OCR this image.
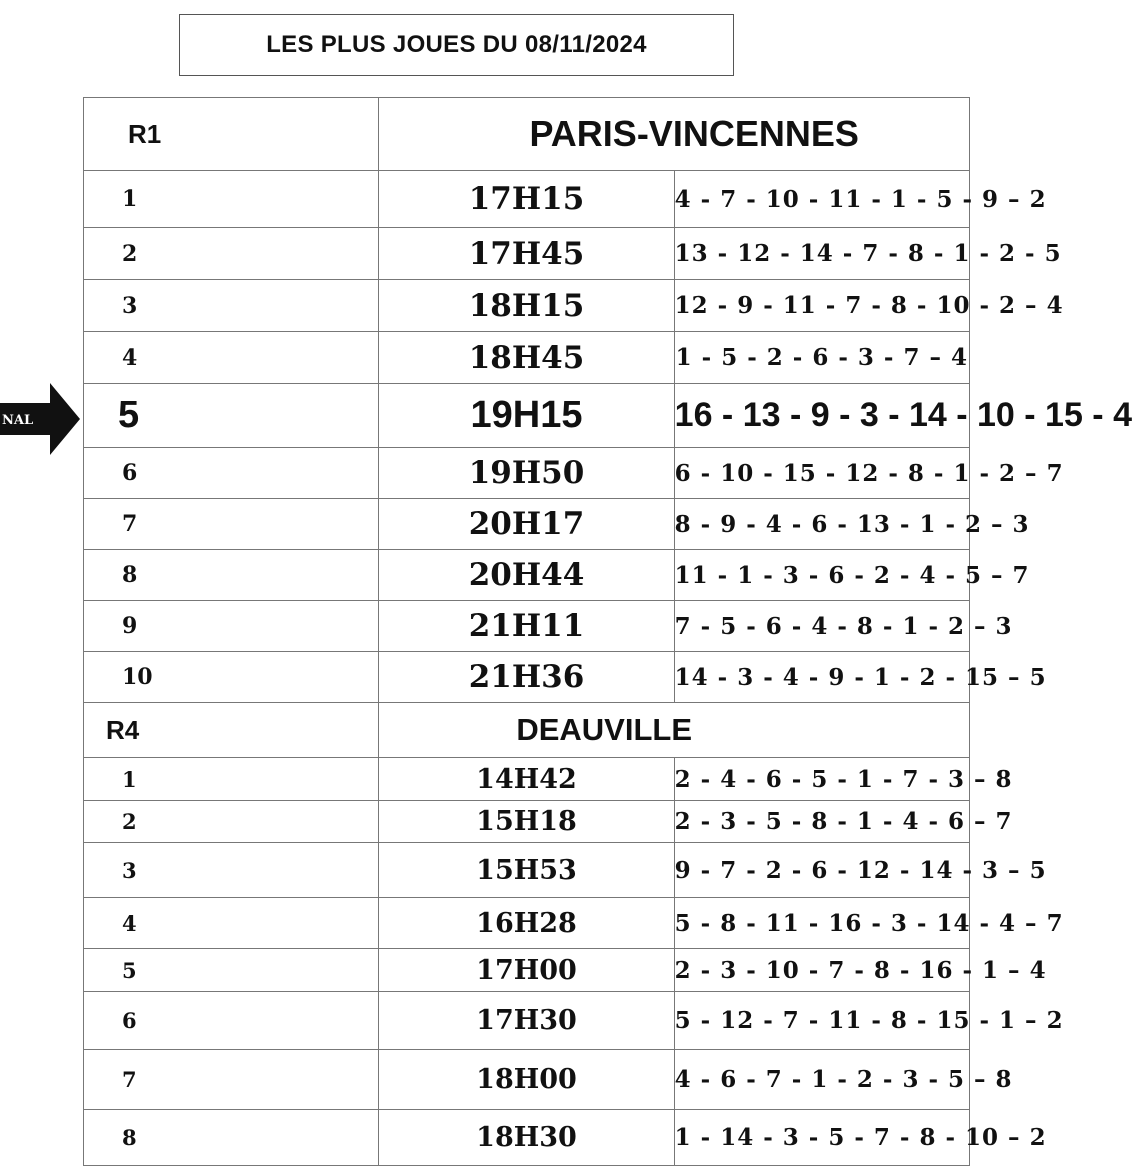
LES PLUS JOUES DU 08/11/2024
NAL
R1	PARIS-VINCENNES	
1	17H15	4 - 7 - 10 - 11 - 1 - 5 - 9 – 2
2	17H45	13 - 12 - 14 - 7 - 8 - 1 - 2 - 5
3	18H15	12 - 9 - 11 - 7 - 8 - 10 - 2 – 4
4	18H45	1 - 5 - 2 - 6 - 3 - 7 – 4
5	19H15	16 - 13 - 9 - 3 - 14 - 10 - 15 - 4
6	19H50	6 - 10 - 15 - 12 - 8 - 1 - 2 – 7
7	20H17	8 - 9 - 4 - 6 - 13 - 1 - 2 – 3
8	20H44	11 - 1 - 3 - 6 - 2 - 4 - 5 – 7
9	21H11	7 - 5 - 6 - 4 - 8 - 1 - 2 – 3
10	21H36	14 - 3 - 4 - 9 - 1 - 2 - 15 – 5
R4	DEAUVILLE	
1	14H42	2 - 4 - 6 - 5 - 1 - 7 - 3 – 8
2	15H18	2 - 3 - 5 - 8 - 1 - 4 - 6 – 7
3	15H53	9 - 7 - 2 - 6 - 12 - 14 - 3 – 5
4	16H28	5 - 8 - 11 - 16 - 3 - 14 - 4 – 7
5	17H00	2 - 3 - 10 - 7 - 8 - 16 - 1 – 4
6	17H30	5 - 12 - 7 - 11 - 8 - 15 - 1 – 2
7	18H00	4 - 6 - 7 - 1 - 2 - 3 - 5 – 8
8	18H30	1 - 14 - 3 - 5 - 7 - 8 - 10 – 2
